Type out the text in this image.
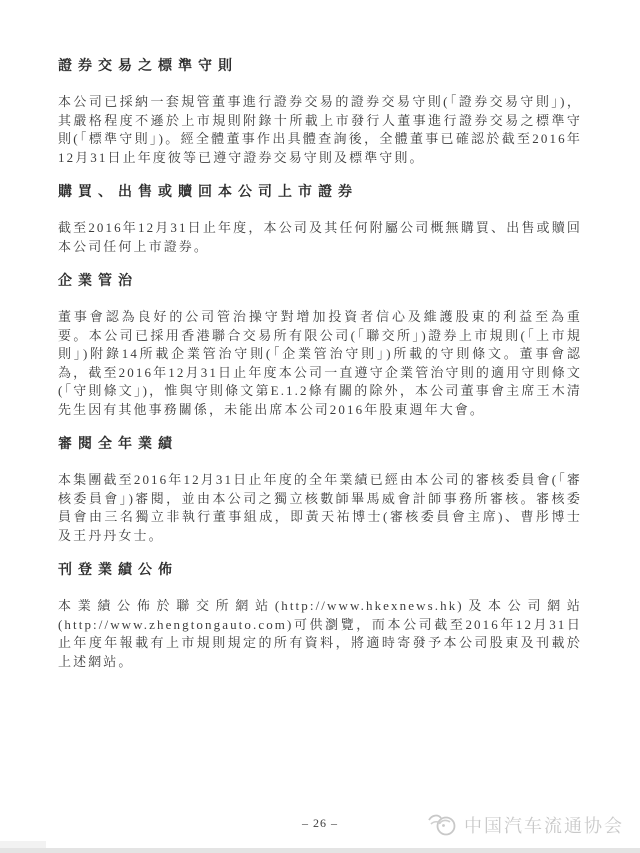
證券交易之標準守則

本公司已採納一套規管董事進行證券交易的證券交易守則(「證券交易守則」)，其嚴格程度不遜於上市規則附錄十所載上市發行人董事進行證券交易之標準守則(「標準守則」)。經全體董事作出具體查詢後，全體董事已確認於截至2016年12月31日止年度彼等已遵守證券交易守則及標準守則。

購買、出售或贖回本公司上市證券

截至2016年12月31日止年度，本公司及其任何附屬公司概無購買、出售或贖回本公司任何上市證券。

企業管治

董事會認為良好的公司管治操守對增加投資者信心及維護股東的利益至為重要。本公司已採用香港聯合交易所有限公司(「聯交所」)證券上市規則(「上市規則」)附錄14所載企業管治守則(「企業管治守則」)所載的守則條文。董事會認為，截至2016年12月31日止年度本公司一直遵守企業管治守則的適用守則條文(「守則條文」)，惟與守則條文第E.1.2條有關的除外，本公司董事會主席王木清先生因有其他事務關係，未能出席本公司2016年股東週年大會。

審閱全年業績

本集團截至2016年12月31日止年度的全年業績已經由本公司的審核委員會(「審核委員會」)審閱，並由本公司之獨立核數師畢馬威會計師事務所審核。審核委員會由三名獨立非執行董事組成，即黃天祐博士(審核委員會主席)、曹彤博士及王丹丹女士。

刊登業績公佈

本業績公佈於聯交所網站(http://www.hkexnews.hk)及本公司網站(http://www.zhengtongauto.com)可供瀏覽，而本公司截至2016年12月31日止年度年報載有上市規則規定的所有資料，將適時寄發予本公司股東及刊載於上述網站。

– 26 –	中国汽车流通协会
